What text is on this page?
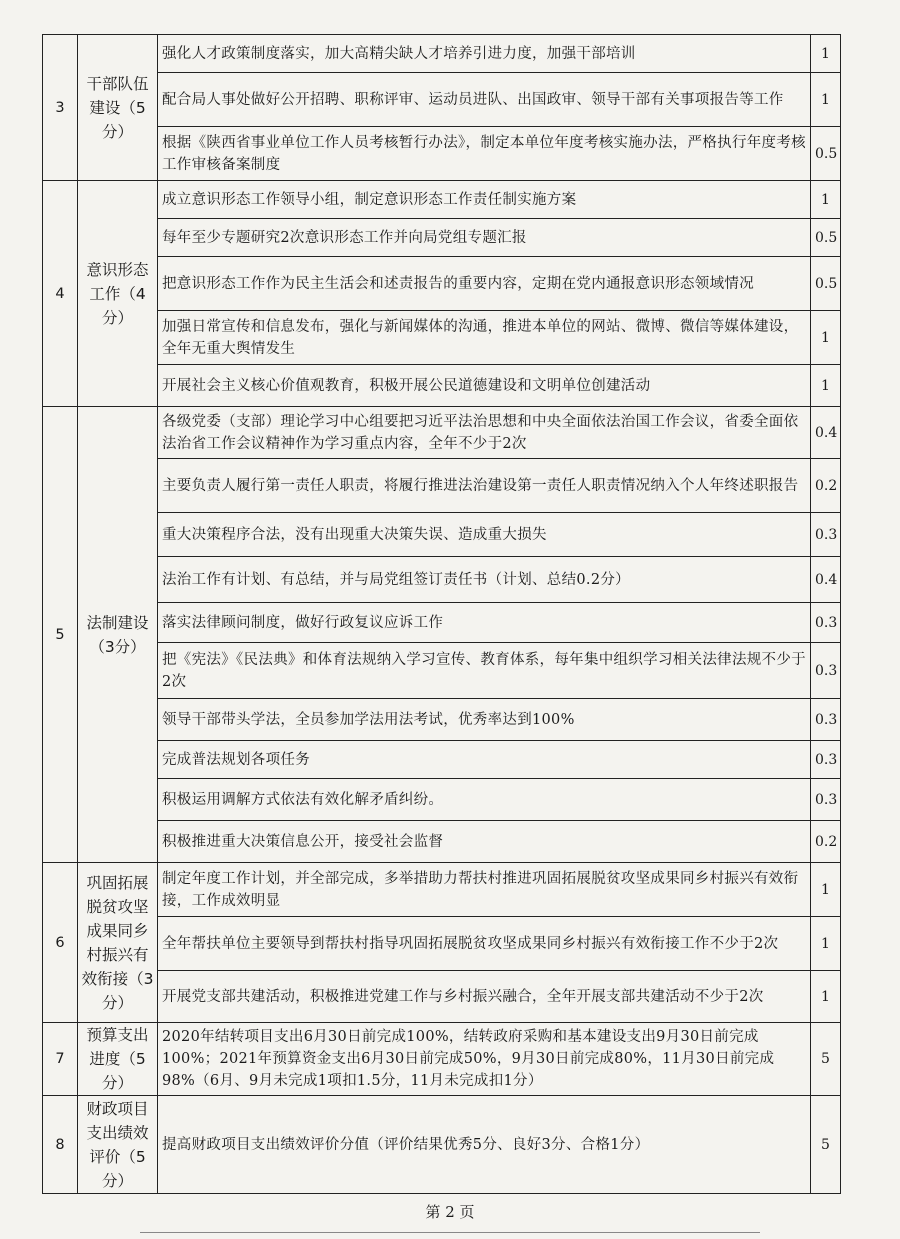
3	干部队伍建设（5分）	强化人才政策制度落实，加大高精尖缺人才培养引进力度，加强干部培训	1
		配合局人事处做好公开招聘、职称评审、运动员进队、出国政审、领导干部有关事项报告等工作	1
		根据《陕西省事业单位工作人员考核暂行办法》，制定本单位年度考核实施办法，严格执行年度考核工作审核备案制度	0.5
4	意识形态工作（4分）	成立意识形态工作领导小组，制定意识形态工作责任制实施方案	1
		每年至少专题研究2次意识形态工作并向局党组专题汇报	0.5
		把意识形态工作作为民主生活会和述责报告的重要内容，定期在党内通报意识形态领域情况	0.5
		加强日常宣传和信息发布，强化与新闻媒体的沟通，推进本单位的网站、微博、微信等媒体建设，全年无重大舆情发生	1
		开展社会主义核心价值观教育，积极开展公民道德建设和文明单位创建活动	1
5	法制建设（3分）	各级党委（支部）理论学习中心组要把习近平法治思想和中央全面依法治国工作会议，省委全面依法治省工作会议精神作为学习重点内容，全年不少于2次	0.4
		主要负责人履行第一责任人职责，将履行推进法治建设第一责任人职责情况纳入个人年终述职报告	0.2
		重大决策程序合法，没有出现重大决策失误、造成重大损失	0.3
		法治工作有计划、有总结，并与局党组签订责任书（计划、总结0.2分）	0.4
		落实法律顾问制度，做好行政复议应诉工作	0.3
		把《宪法》《民法典》和体育法规纳入学习宣传、教育体系，每年集中组织学习相关法律法规不少于2次	0.3
		领导干部带头学法，全员参加学法用法考试，优秀率达到100%	0.3
		完成普法规划各项任务	0.3
		积极运用调解方式依法有效化解矛盾纠纷。	0.3
		积极推进重大决策信息公开，接受社会监督	0.2
6	巩固拓展脱贫攻坚成果同乡村振兴有效衔接（3分）	制定年度工作计划，并全部完成，多举措助力帮扶村推进巩固拓展脱贫攻坚成果同乡村振兴有效衔接，工作成效明显	1
		全年帮扶单位主要领导到帮扶村指导巩固拓展脱贫攻坚成果同乡村振兴有效衔接工作不少于2次	1
		开展党支部共建活动，积极推进党建工作与乡村振兴融合，全年开展支部共建活动不少于2次	1
7	预算支出进度（5分）	2020年结转项目支出6月30日前完成100%，结转政府采购和基本建设支出9月30日前完成100%；2021年预算资金支出6月30日前完成50%，9月30日前完成80%，11月30日前完成98%（6月、9月未完成1项扣1.5分，11月未完成扣1分）	5
8	财政项目支出绩效评价（5分）	提高财政项目支出绩效评价分值（评价结果优秀5分、良好3分、合格1分）	5
第 2 页
